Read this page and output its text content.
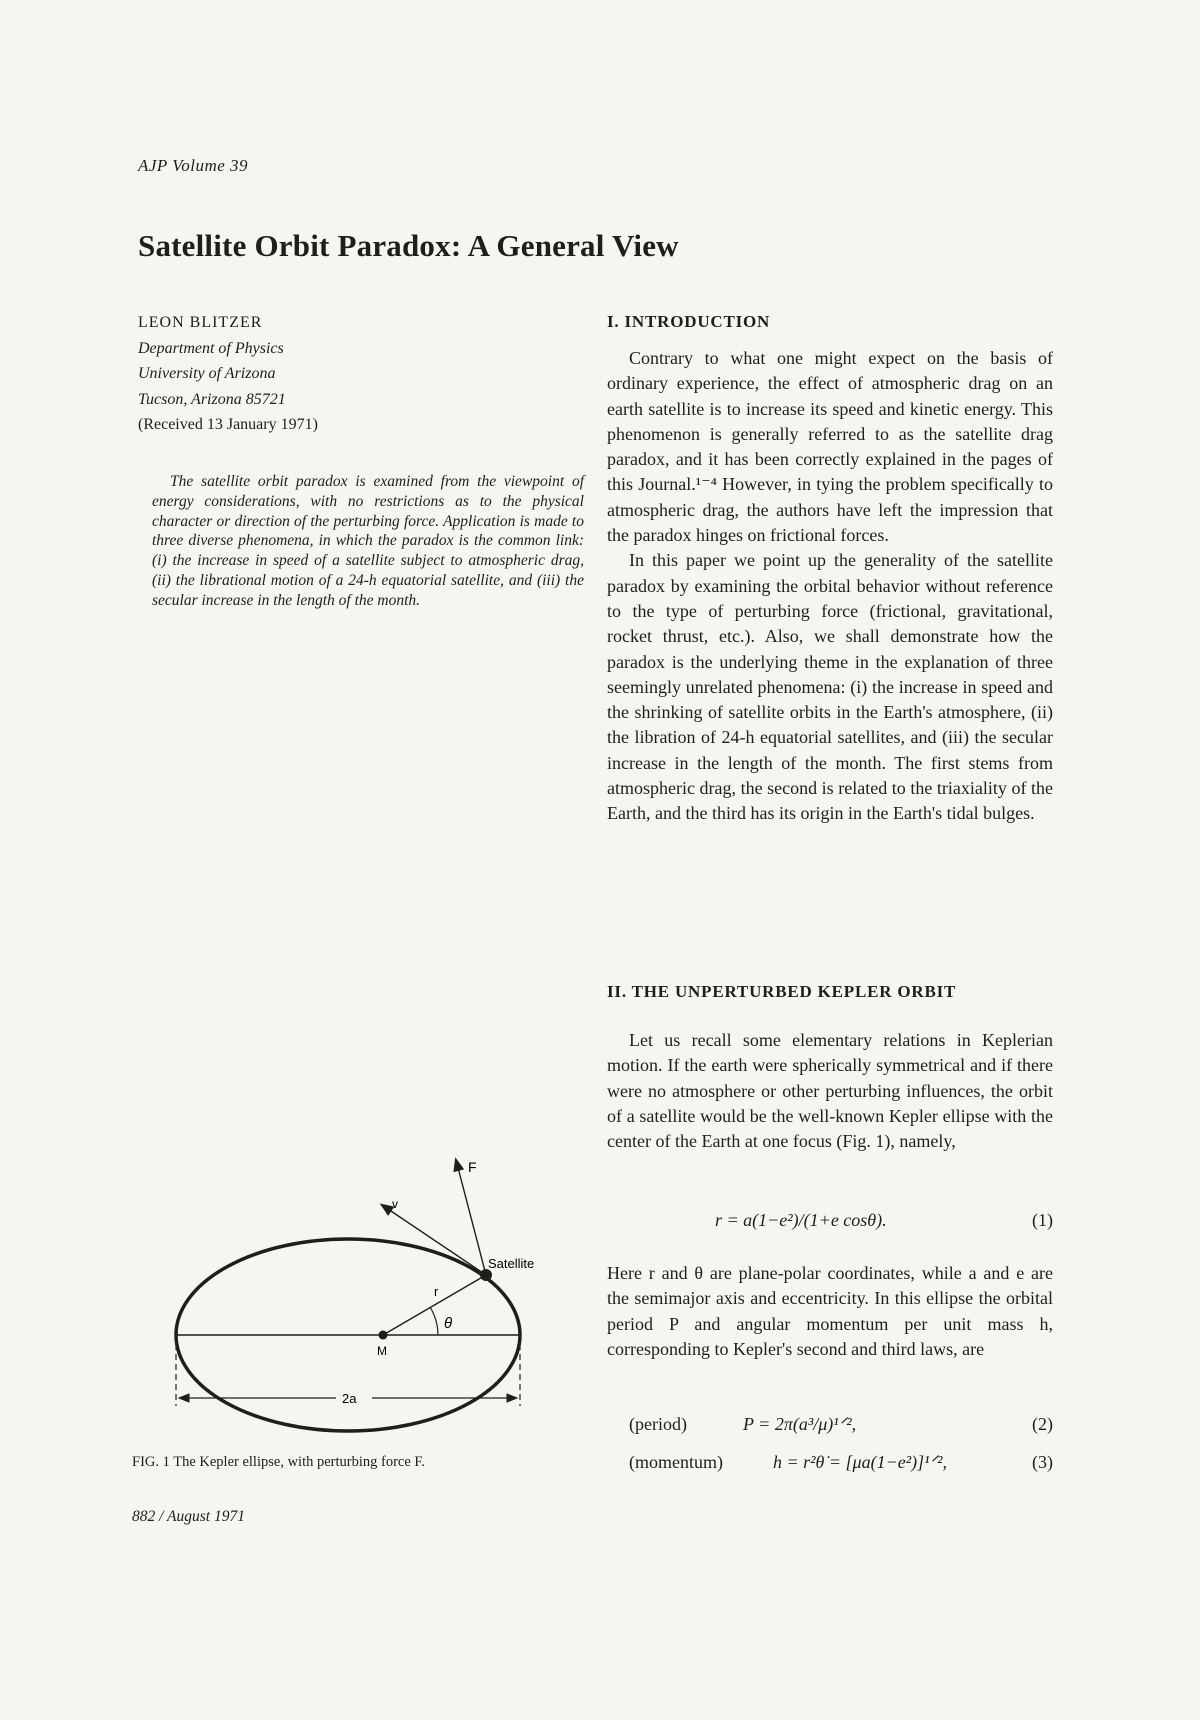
AJP Volume 39
Satellite Orbit Paradox: A General View
LEON BLITZER
Department of Physics
University of Arizona
Tucson, Arizona 85721
(Received 13 January 1971)
The satellite orbit paradox is examined from the viewpoint of energy considerations, with no restrictions as to the physical character or direction of the perturbing force. Application is made to three diverse phenomena, in which the paradox is the common link: (i) the increase in speed of a satellite subject to atmospheric drag, (ii) the librational motion of a 24-h equatorial satellite, and (iii) the secular increase in the length of the month.
I. INTRODUCTION

Contrary to what one might expect on the basis of ordinary experience, the effect of atmospheric drag on an earth satellite is to increase its speed and kinetic energy. This phenomenon is generally referred to as the satellite drag paradox, and it has been correctly explained in the pages of this Journal.¹⁻⁴ However, in tying the problem specifically to atmospheric drag, the authors have left the impression that the paradox hinges on frictional forces.

In this paper we point up the generality of the satellite paradox by examining the orbital behavior without reference to the type of perturbing force (frictional, gravitational, rocket thrust, etc.). Also, we shall demonstrate how the paradox is the underlying theme in the explanation of three seemingly unrelated phenomena: (i) the increase in speed and the shrinking of satellite orbits in the Earth's atmosphere, (ii) the libration of 24-h equatorial satellites, and (iii) the secular increase in the length of the month. The first stems from atmospheric drag, the second is related to the triaxiality of the Earth, and the third has its origin in the Earth's tidal bulges.

II. THE UNPERTURBED KEPLER ORBIT

Let us recall some elementary relations in Keplerian motion. If the earth were spherically symmetrical and if there were no atmosphere or other perturbing influences, the orbit of a satellite would be the well-known Kepler ellipse with the center of the Earth at one focus (Fig. 1), namely,

r = a(1−e²)/(1+e cosθ).	(1)

Here r and θ are plane-polar coordinates, while a and e are the semimajor axis and eccentricity. In this ellipse the orbital period P and angular momentum per unit mass h, corresponding to Kepler's second and third laws, are

(period)	P = 2π(a³/μ)¹ᐟ²,	(2)
(momentum)	h = r²θ̇ = [μa(1−e²)]¹ᐟ²,	(3)
F
v
Satellite
r
θ
M
2a
FIG. 1 The Kepler ellipse, with perturbing force F.
882 / August 1971
